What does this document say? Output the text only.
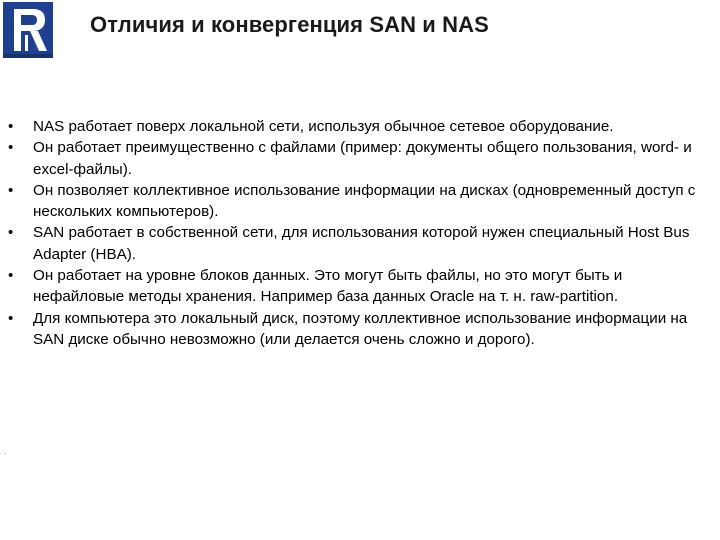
Отличия и конвергенция SAN и NAS
• NAS работает поверх локальной сети, используя обычное сетевое оборудование.
• Он работает преимущественно с файлами (пример: документы общего пользования, word- и excel-файлы).
• Он позволяет коллективное использование информации на дисках (одновременный доступ с нескольких компьютеров).
• SAN работает в собственной сети, для использования которой нужен специальный Host Bus Adapter (HBA).
• Он работает на уровне блоков данных. Это могут быть файлы, но это могут быть и нефайловые методы хранения. Например база данных Oracle на т. н. raw-partition.
• Для компьютера это локальный диск, поэтому коллективное использование информации на SAN диске обычно невозможно (или делается очень сложно и дорого).
.
